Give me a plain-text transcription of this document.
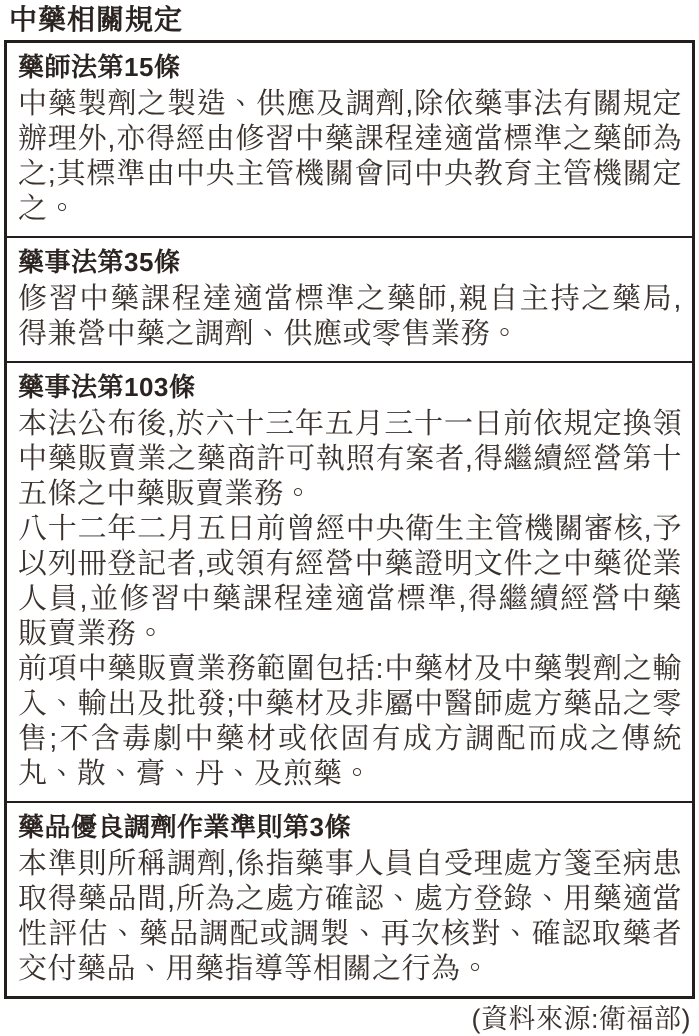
中藥相關規定
藥師法第15條

中藥製劑之製造、供應及調劑,除依藥事法有關規定辦理外,亦得經由修習中藥課程達適當標準之藥師為之;其標準由中央主管機關會同中央教育主管機關定之。

藥事法第35條

修習中藥課程達適當標準之藥師,親自主持之藥局,得兼營中藥之調劑、供應或零售業務。

藥事法第103條

本法公布後,於六十三年五月三十一日前依規定換領中藥販賣業之藥商許可執照有案者,得繼續經營第十五條之中藥販賣業務。

八十二年二月五日前曾經中央衛生主管機關審核,予以列冊登記者,或領有經營中藥證明文件之中藥從業人員,並修習中藥課程達適當標準,得繼續經營中藥販賣業務。

前項中藥販賣業務範圍包括:中藥材及中藥製劑之輸入、輸出及批發;中藥材及非屬中醫師處方藥品之零售;不含毒劇中藥材或依固有成方調配而成之傳統丸、散、膏、丹、及煎藥。

藥品優良調劑作業準則第3條

本準則所稱調劑,係指藥事人員自受理處方箋至病患取得藥品間,所為之處方確認、處方登錄、用藥適當性評估、藥品調配或調製、再次核對、確認取藥者交付藥品、用藥指導等相關之行為。

(資料來源:衛福部)
